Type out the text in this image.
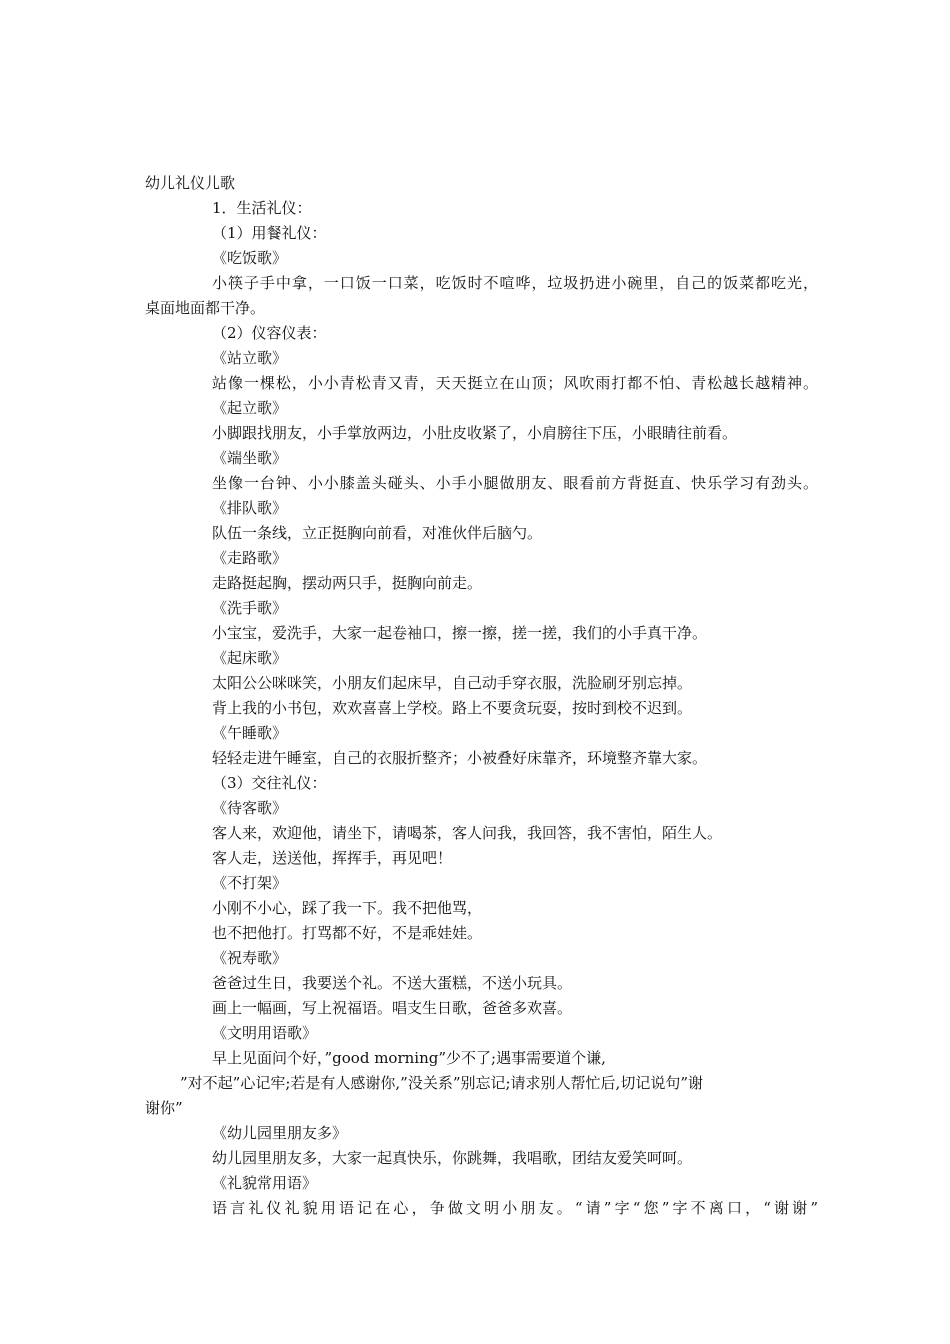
幼儿礼仪儿歌
1．生活礼仪：
（1）用餐礼仪：
《吃饭歌》
小筷子手中拿，一口饭一口菜，吃饭时不喧哗，垃圾扔进小碗里，自己的饭菜都吃光，
桌面地面都干净。
（2）仪容仪表：
《站立歌》
站像一棵松，小小青松青又青，天天挺立在山顶；风吹雨打都不怕、青松越长越精神。
《起立歌》
小脚跟找朋友，小手掌放两边，小肚皮收紧了，小肩膀往下压，小眼睛往前看。
《端坐歌》
坐像一台钟、小小膝盖头碰头、小手小腿做朋友、眼看前方背挺直、快乐学习有劲头。
《排队歌》
队伍一条线，立正挺胸向前看，对准伙伴后脑勺。
《走路歌》
走路挺起胸，摆动两只手，挺胸向前走。
《洗手歌》
小宝宝，爱洗手，大家一起卷袖口，擦一擦，搓一搓，我们的小手真干净。
《起床歌》
太阳公公咪咪笑，小朋友们起床早，自己动手穿衣服，洗脸刷牙别忘掉。
背上我的小书包，欢欢喜喜上学校。路上不要贪玩耍，按时到校不迟到。
《午睡歌》
轻轻走进午睡室，自己的衣服折整齐；小被叠好床靠齐，环境整齐靠大家。
（3）交往礼仪：
《待客歌》
客人来，欢迎他，请坐下，请喝茶，客人问我，我回答，我不害怕，陌生人。
客人走，送送他，挥挥手，再见吧！
《不打架》
小刚不小心，踩了我一下。我不把他骂，
也不把他打。打骂都不好，不是乖娃娃。
《祝寿歌》
爸爸过生日，我要送个礼。不送大蛋糕，不送小玩具。
画上一幅画，写上祝福语。唱支生日歌，爸爸多欢喜。
《文明用语歌》
早上见面问个好，”good morning”少不了;遇事需要道个谦,
”对不起”心记牢;若是有人感谢你,”没关系”别忘记;请求别人帮忙后,切记说句”谢
谢你”
《幼儿园里朋友多》
幼儿园里朋友多，大家一起真快乐，你跳舞，我唱歌，团结友爱笑呵呵。
《礼貌常用语》
语言礼仪礼貌用语记在心，争做文明小朋友。“请”字“您”字不离口，“谢谢”
